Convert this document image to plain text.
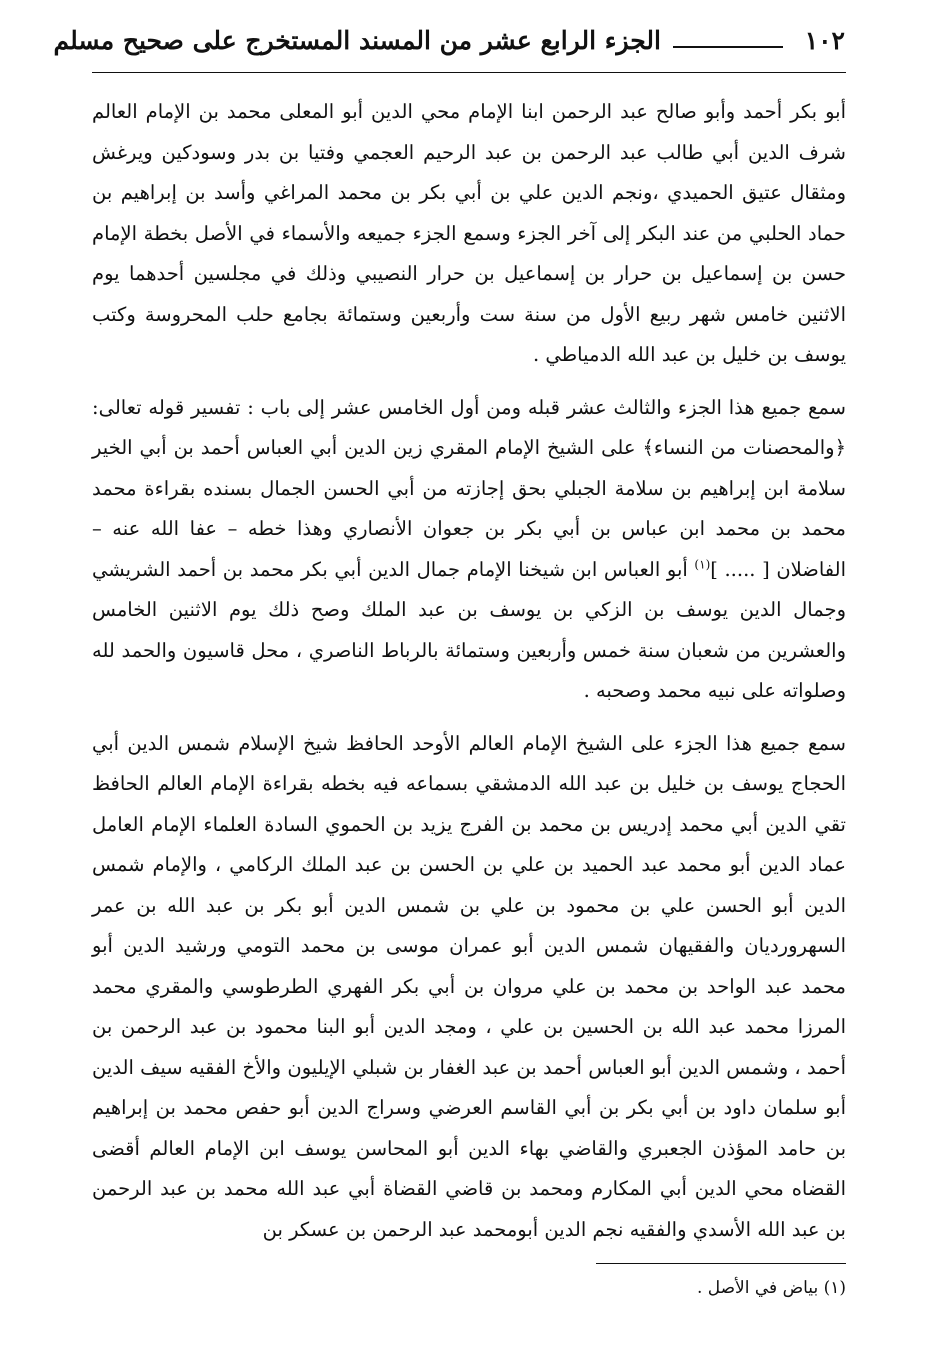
١٠٢
الجزء الرابع عشر من المسند المستخرج على صحيح مسلم

أبو بكر أحمد وأبو صالح عبد الرحمن ابنا الإمام محي الدين أبو المعلى محمد بن الإمام العالم شرف الدين أبي طالب عبد الرحمن بن عبد الرحيم العجمي وفتيا بن بدر وسودكين ويرغش ومثقال عتيق الحميدي ،ونجم الدين علي بن أبي بكر بن محمد المراغي وأسد بن إبراهيم بن حماد الحلبي من عند البكر إلى آخر الجزء وسمع الجزء جميعه والأسماء في الأصل بخطة الإمام حسن بن إسماعيل بن حرار بن إسماعيل بن حرار النصيبي وذلك في مجلسين أحدهما يوم الاثنين خامس شهر ربيع الأول من سنة ست وأربعين وستمائة بجامع حلب المحروسة وكتب يوسف بن خليل بن عبد الله الدمياطي .

سمع جميع هذا الجزء والثالث عشر قبله ومن أول الخامس عشر إلى باب : تفسير قوله تعالى: ﴿والمحصنات من النساء﴾ على الشيخ الإمام المقري زين الدين أبي العباس أحمد بن أبي الخير سلامة ابن إبراهيم بن سلامة الجبلي بحق إجازته من أبي الحسن الجمال بسنده بقراءة محمد محمد بن محمد ابن عباس بن أبي بكر بن جعوان الأنصاري وهذا خطه – عفا الله عنه – الفاضلان [ ..... ]$^{(١)}$ أبو العباس ابن شيخنا الإمام جمال الدين أبي بكر محمد بن أحمد الشريشي وجمال الدين يوسف بن الزكي بن يوسف بن عبد الملك وصح ذلك يوم الاثنين الخامس والعشرين من شعبان سنة خمس وأربعين وستمائة بالرباط الناصري ، محل قاسيون والحمد لله وصلواته على نبيه محمد وصحبه .

سمع جميع هذا الجزء على الشيخ الإمام العالم الأوحد الحافظ شيخ الإسلام شمس الدين أبي الحجاج يوسف بن خليل بن عبد الله الدمشقي بسماعه فيه بخطه بقراءة الإمام العالم الحافظ تقي الدين أبي محمد إدريس بن محمد بن الفرج يزيد بن الحموي السادة العلماء الإمام العامل عماد الدين أبو محمد عبد الحميد بن علي بن الحسن بن عبد الملك الركامي ، والإمام شمس الدين أبو الحسن علي بن محمود بن علي بن شمس الدين أبو بكر بن عبد الله بن عمر السهروردیان والفقيهان شمس الدين أبو عمران موسى بن محمد التومي ورشيد الدين أبو محمد عبد الواحد بن محمد بن علي مروان بن أبي بكر الفهري الطرطوسي والمقري محمد المرزا محمد عبد الله بن الحسين بن علي ، ومجد الدين أبو البنا محمود بن عبد الرحمن بن أحمد ، وشمس الدين أبو العباس أحمد بن عبد الغفار بن شبلي الإيليون والأخ الفقيه سيف الدين أبو سلمان داود بن أبي بكر بن أبي القاسم العرضي وسراج الدين أبو حفص محمد بن إبراهيم بن حامد المؤذن الجعبري والقاضي بهاء الدين أبو المحاسن يوسف ابن الإمام العالم أقضى القضاه محي الدين أبي المكارم ومحمد بن قاضي القضاة أبي عبد الله محمد بن عبد الرحمن بن عبد الله الأسدي والفقيه نجم الدين أبومحمد عبد الرحمن بن عسكر بن

(١) بياض في الأصل .
